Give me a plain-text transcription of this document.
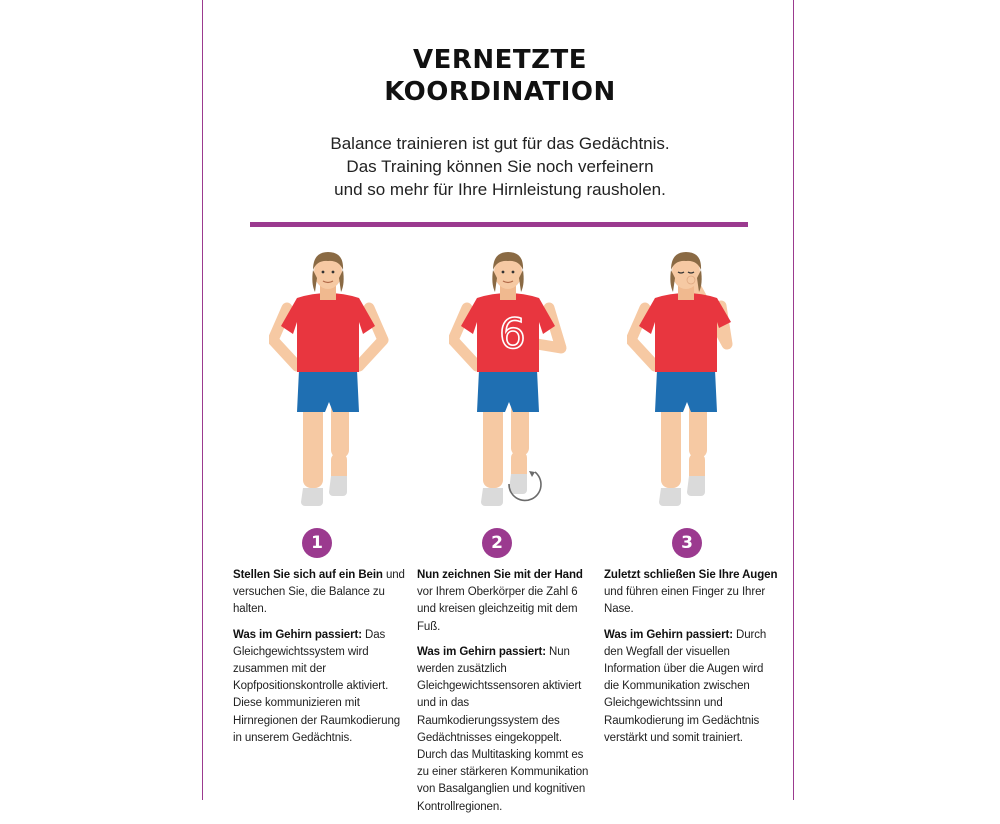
VERNETZTE
KOORDINATION

Balance trainieren ist gut für das Gedächtnis.
Das Training können Sie noch verfeinern
und so mehr für Ihre Hirnleistung rausholen.

6
1	2	3

Stellen Sie sich auf ein Bein und versuchen Sie, die Balance zu halten.

Was im Gehirn passiert: Das Gleichgewichtssystem wird zusammen mit der Kopfpositionskontrolle aktiviert. Diese kommunizieren mit Hirnregionen der Raumkodierung in unserem Gedächtnis.

Nun zeichnen Sie mit der Hand vor Ihrem Oberkörper die Zahl 6 und kreisen gleichzeitig mit dem Fuß.

Was im Gehirn passiert: Nun werden zusätzlich Gleichgewichtssensoren aktiviert und in das Raumkodierungssystem des Gedächtnisses eingekoppelt. Durch das Multitasking kommt es zu einer stärkeren Kommunikation von Basalganglien und kognitiven Kontrollregionen.

Zuletzt schließen Sie Ihre Augen und führen einen Finger zu Ihrer Nase.

Was im Gehirn passiert: Durch den Wegfall der visuellen Information über die Augen wird die Kommunikation zwischen Gleichgewichtssinn und Raumkodierung im Gedächtnis verstärkt und somit trainiert.
